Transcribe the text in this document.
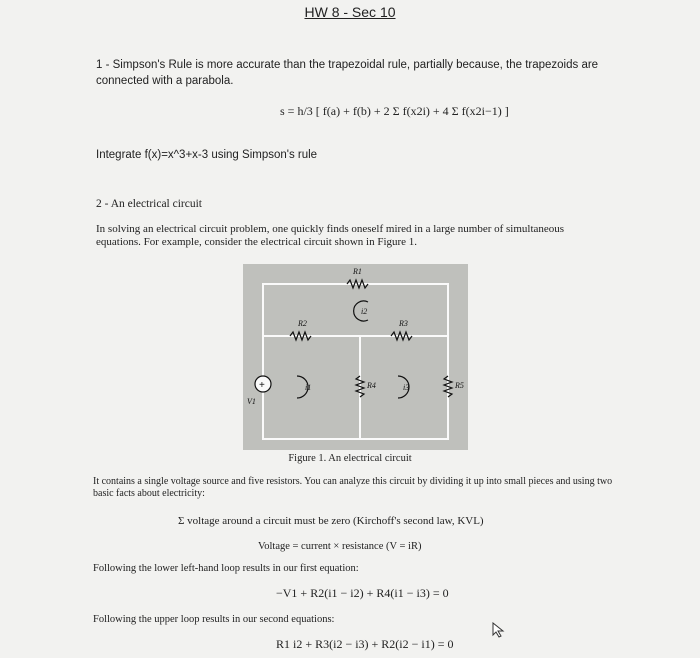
HW 8 - Sec 10
1 - Simpson's Rule is more accurate than the trapezoidal rule, partially because, the trapezoids are connected with a parabola.
s = h/3 [ f(a) + f(b) + 2 Σ f(x2i) + 4 Σ f(x2i−1) ]
Integrate f(x)=x^3+x-3 using Simpson's rule
2 - An electrical circuit
In solving an electrical circuit problem, one quickly finds oneself mired in a large number of simultaneous equations. For example, consider the electrical circuit shown in Figure 1.
+
R1
R2	R3
R4	R5
V1
i1
i2
i3
Figure 1. An electrical circuit
It contains a single voltage source and five resistors. You can analyze this circuit by dividing it up into small pieces and using two basic facts about electricity:
Σ voltage around a circuit must be zero (Kirchoff's second law, KVL)
Voltage = current × resistance (V = iR)
Following the lower left-hand loop results in our first equation:
−V1 + R2(i1 − i2) + R4(i1 − i3) = 0
Following the upper loop results in our second equations:
R1 i2 + R3(i2 − i3) + R2(i2 − i1) = 0
